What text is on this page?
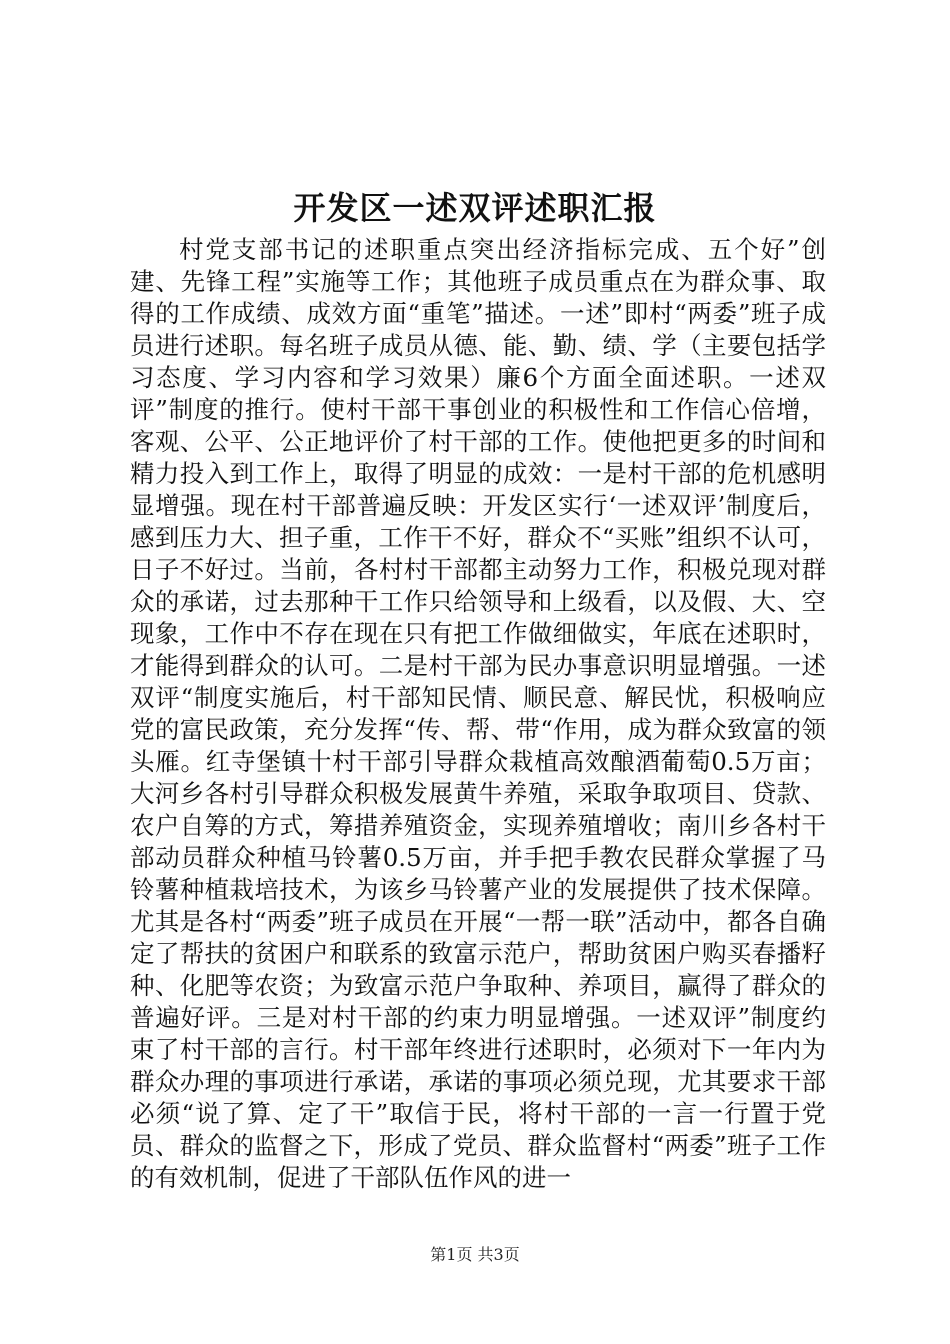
开发区一述双评述职汇报

村党支部书记的述职重点突出经济指标完成、五个好”创建、先锋工程”实施等工作；其他班子成员重点在为群众事、取得的工作成绩、成效方面“重笔”描述。一述”即村“两委”班子成员进行述职。每名班子成员从德、能、勤、绩、学（主要包括学习态度、学习内容和学习效果）廉6个方面全面述职。一述双评”制度的推行。使村干部干事创业的积极性和工作信心倍增，客观、公平、公正地评价了村干部的工作。使他把更多的时间和精力投入到工作上，取得了明显的成效：一是村干部的危机感明显增强。现在村干部普遍反映：开发区实行‘一述双评’制度后，感到压力大、担子重，工作干不好，群众不“买账”组织不认可，日子不好过。当前，各村村干部都主动努力工作，积极兑现对群众的承诺，过去那种干工作只给领导和上级看，以及假、大、空现象，工作中不存在现在只有把工作做细做实，年底在述职时，才能得到群众的认可。二是村干部为民办事意识明显增强。一述双评“制度实施后，村干部知民情、顺民意、解民忧，积极响应党的富民政策，充分发挥“传、帮、带“作用，成为群众致富的领头雁。红寺堡镇十村干部引导群众栽植高效酿酒葡萄0.5万亩；大河乡各村引导群众积极发展黄牛养殖，采取争取项目、贷款、农户自筹的方式，筹措养殖资金，实现养殖增收；南川乡各村干部动员群众种植马铃薯0.5万亩，并手把手教农民群众掌握了马铃薯种植栽培技术，为该乡马铃薯产业的发展提供了技术保障。尤其是各村“两委”班子成员在开展“一帮一联”活动中，都各自确定了帮扶的贫困户和联系的致富示范户，帮助贫困户购买春播籽种、化肥等农资；为致富示范户争取种、养项目，赢得了群众的普遍好评。三是对村干部的约束力明显增强。一述双评”制度约束了村干部的言行。村干部年终进行述职时，必须对下一年内为群众办理的事项进行承诺，承诺的事项必须兑现，尤其要求干部必须“说了算、定了干”取信于民，将村干部的一言一行置于党员、群众的监督之下，形成了党员、群众监督村“两委”班子工作的有效机制，促进了干部队伍作风的进一

第1页 共3页
